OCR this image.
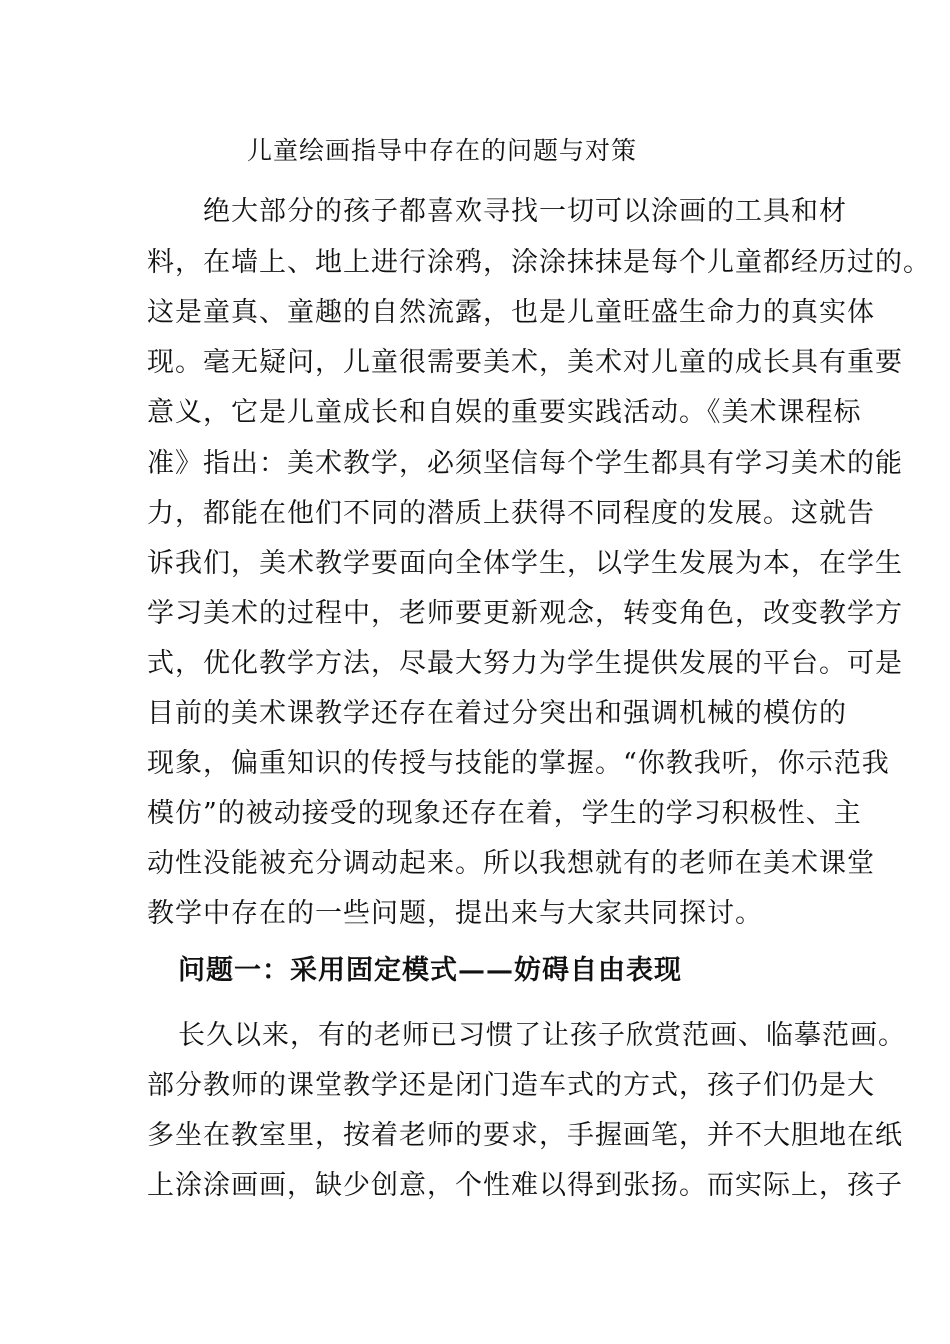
儿童绘画指导中存在的问题与对策
绝大部分的孩子都喜欢寻找一切可以涂画的工具和材
料，在墙上、地上进行涂鸦，涂涂抹抹是每个儿童都经历过的。
这是童真、童趣的自然流露，也是儿童旺盛生命力的真实体
现。毫无疑问，儿童很需要美术，美术对儿童的成长具有重要
意义，它是儿童成长和自娱的重要实践活动。《美术课程标
准》指出：美术教学，必须坚信每个学生都具有学习美术的能
力，都能在他们不同的潜质上获得不同程度的发展。这就告
诉我们，美术教学要面向全体学生，以学生发展为本，在学生
学习美术的过程中，老师要更新观念，转变角色，改变教学方
式，优化教学方法，尽最大努力为学生提供发展的平台。可是
目前的美术课教学还存在着过分突出和强调机械的模仿的
现象，偏重知识的传授与技能的掌握。“你教我听，你示范我
模仿”的被动接受的现象还存在着，学生的学习积极性、主
动性没能被充分调动起来。所以我想就有的老师在美术课堂
教学中存在的一些问题，提出来与大家共同探讨。
问题一：采用固定模式——妨碍自由表现
长久以来，有的老师已习惯了让孩子欣赏范画、临摹范画。
部分教师的课堂教学还是闭门造车式的方式，孩子们仍是大
多坐在教室里，按着老师的要求，手握画笔，并不大胆地在纸
上涂涂画画，缺少创意，个性难以得到张扬。而实际上，孩子
